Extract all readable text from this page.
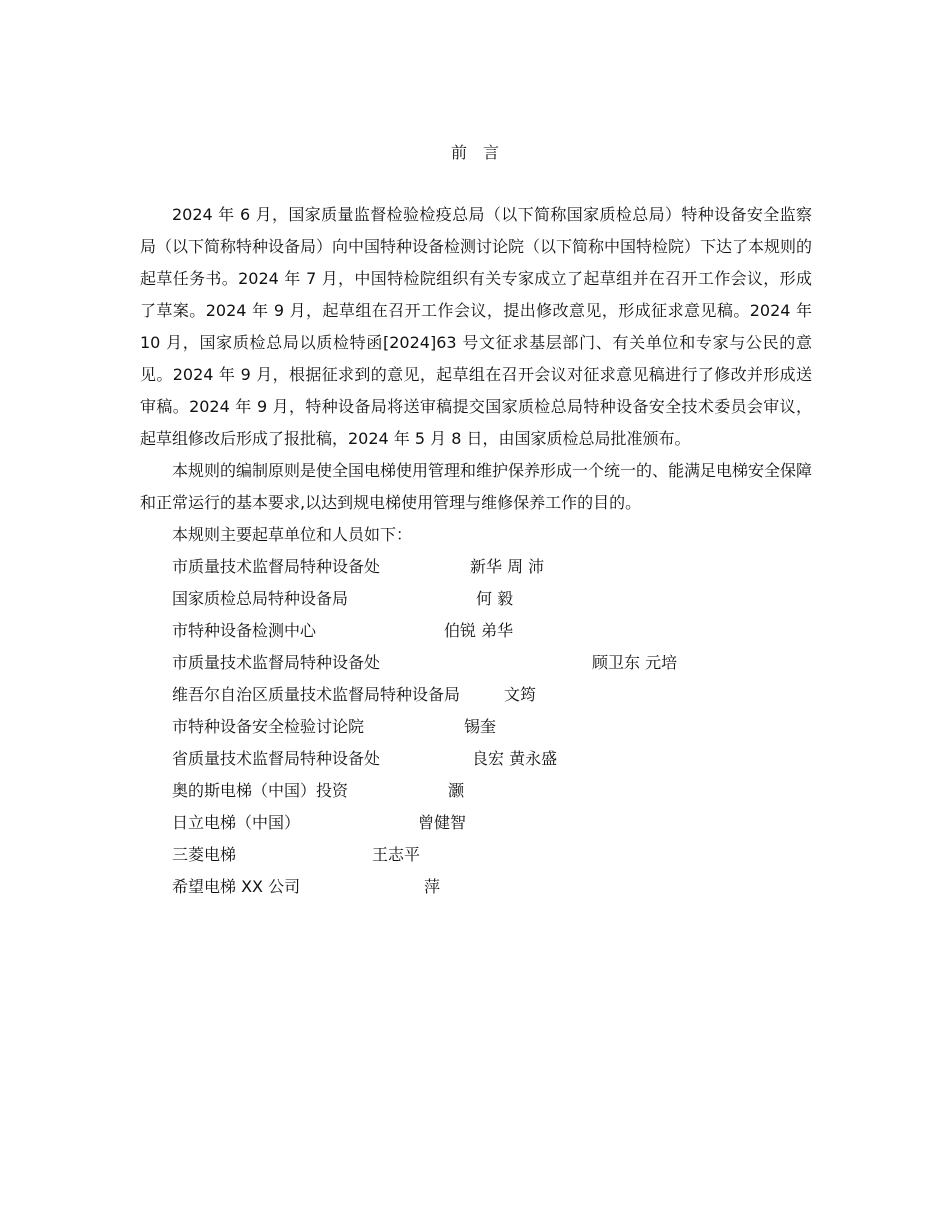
前　言

2024 年 6 月，国家质量监督检验检疫总局（以下简称国家质检总局）特种设备安全监察局（以下简称特种设备局）向中国特种设备检测讨论院（以下简称中国特检院）下达了本规则的起草任务书。2024 年 7 月，中国特检院组织有关专家成立了起草组并在召开工作会议，形成了草案。2024 年 9 月，起草组在召开工作会议，提出修改意见，形成征求意见稿。2024 年 10 月，国家质检总局以质检特函[2024]63 号文征求基层部门、有关单位和专家与公民的意见。2024 年 9 月，根据征求到的意见，起草组在召开会议对征求意见稿进行了修改并形成送审稿。2024 年 9 月，特种设备局将送审稿提交国家质检总局特种设备安全技术委员会审议，起草组修改后形成了报批稿，2024 年 5 月 8 日，由国家质检总局批准颁布。

本规则的编制原则是使全国电梯使用管理和维护保养形成一个统一的、能满足电梯安全保障和正常运行的基本要求,以达到规电梯使用管理与维修保养工作的目的。

本规则主要起草单位和人员如下：

市质量技术监督局特种设备处	新华 周 沛
国家质检总局特种设备局	何 毅
市特种设备检测中心	伯锐 弟华
市质量技术监督局特种设备处	顾卫东 元培
维吾尔自治区质量技术监督局特种设备局	文筠
市特种设备安全检验讨论院	锡奎
省质量技术监督局特种设备处	良宏 黄永盛
奥的斯电梯（中国）投资	灏
日立电梯（中国）	曾健智
三菱电梯	王志平
希望电梯 XX 公司	萍
